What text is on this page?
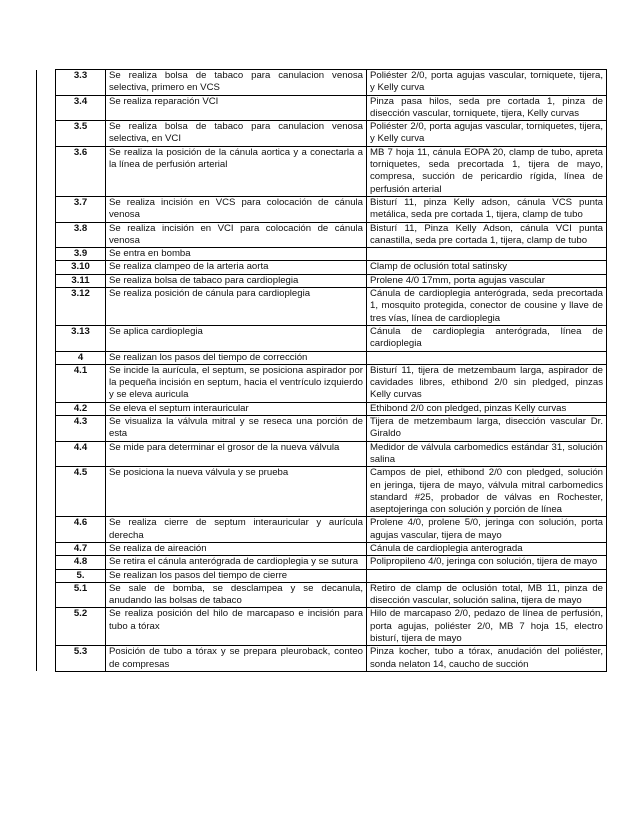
	3.3	Se realiza bolsa de tabaco para canulacion venosa selectiva, primero en VCS	Poliéster 2/0, porta agujas vascular, torniquete, tijera, y Kelly curva
	3.4	Se realiza reparación VCI	Pinza pasa hilos, seda pre cortada 1, pinza de disección vascular, torniquete, tijera, Kelly curvas
	3.5	Se realiza bolsa de tabaco para canulacion venosa selectiva, en VCI	Poliéster 2/0, porta agujas vascular, torniquetes, tijera, y Kelly curva
	3.6	Se realiza la posición de la cánula aortica y a conectarla a la línea de perfusión arterial	MB 7 hoja 11, cánula EOPA 20, clamp de tubo, apreta torniquetes, seda precortada 1, tijera de mayo, compresa, succión de pericardio rígida, línea de perfusión arterial
	3.7	Se realiza incisión en VCS para colocación de cánula venosa	Bisturí 11, pinza Kelly adson, cánula VCS punta metálica, seda pre cortada 1, tijera, clamp de tubo
	3.8	Se realiza incisión en VCI para colocación de cánula venosa	Bisturí 11, Pinza Kelly Adson, cánula VCI punta canastilla, seda pre cortada 1, tijera, clamp de tubo
	3.9	Se entra en bomba	
	3.10	Se realiza clampeo de la arteria aorta	Clamp de oclusión total satinsky
	3.11	Se realiza bolsa de tabaco para cardioplegia	Prolene 4/0 17mm, porta agujas vascular
	3.12	Se realiza posición de cánula para cardioplegia	Cánula de cardioplegia anterógrada, seda precortada 1, mosquito protegida, conector de cousine y llave de tres vías, línea de cardioplegia
	3.13	Se aplica cardioplegia	Cánula de cardioplegia anterógrada, línea de cardioplegia
	4	Se realizan los pasos del tiempo de corrección	
	4.1	Se incide la aurícula, el septum, se posiciona aspirador por la pequeña incisión en septum, hacia el ventrículo izquierdo y se eleva auricula	Bisturí 11, tijera de metzembaum larga, aspirador de cavidades libres, ethibond 2/0 sin pledged, pinzas Kelly curvas
	4.2	Se eleva el septum interauricular	Ethibond 2/0 con pledged, pinzas Kelly curvas
	4.3	Se visualiza la válvula mitral y se reseca una porción de esta	Tijera de metzembaum larga, disección vascular Dr. Giraldo
	4.4	Se mide para determinar el grosor de la nueva válvula	Medidor de válvula carbomedics estándar 31, solución salina
	4.5	Se posiciona la nueva válvula y se prueba	Campos de piel, ethibond 2/0 con pledged, solución en jeringa, tijera de mayo, válvula mitral carbomedics standard #25, probador de válvas en Rochester, aseptojeringa con solución y porción de línea
	4.6	Se realiza cierre de septum interauricular y aurícula derecha	Prolene 4/0, prolene 5/0, jeringa con solución, porta agujas vascular, tijera de mayo
	4.7	Se realiza de aireación	Cánula de cardioplegia anterograda
	4.8	Se retira el cánula anterógrada de cardioplegia y se sutura	Polipropileno 4/0, jeringa con solución, tijera de mayo
	5.	Se realizan los pasos del tiempo de cierre	
	5.1	Se sale de bomba, se desclampea y se decanula, anudando las bolsas de tabaco	Retiro de clamp de oclusión total, MB 11, pinza de disección vascular, solución salina, tijera de mayo
	5.2	Se realiza posición del hilo de marcapaso e incisión para tubo a tórax	Hilo de marcapaso 2/0, pedazo de línea de perfusión, porta agujas, poliéster 2/0, MB 7 hoja 15, electro bisturí, tijera de mayo
	5.3	Posición de tubo a tórax y se prepara pleuroback, conteo de compresas	Pinza kocher, tubo a tórax, anudación del poliéster, sonda nelaton 14, caucho de succión
